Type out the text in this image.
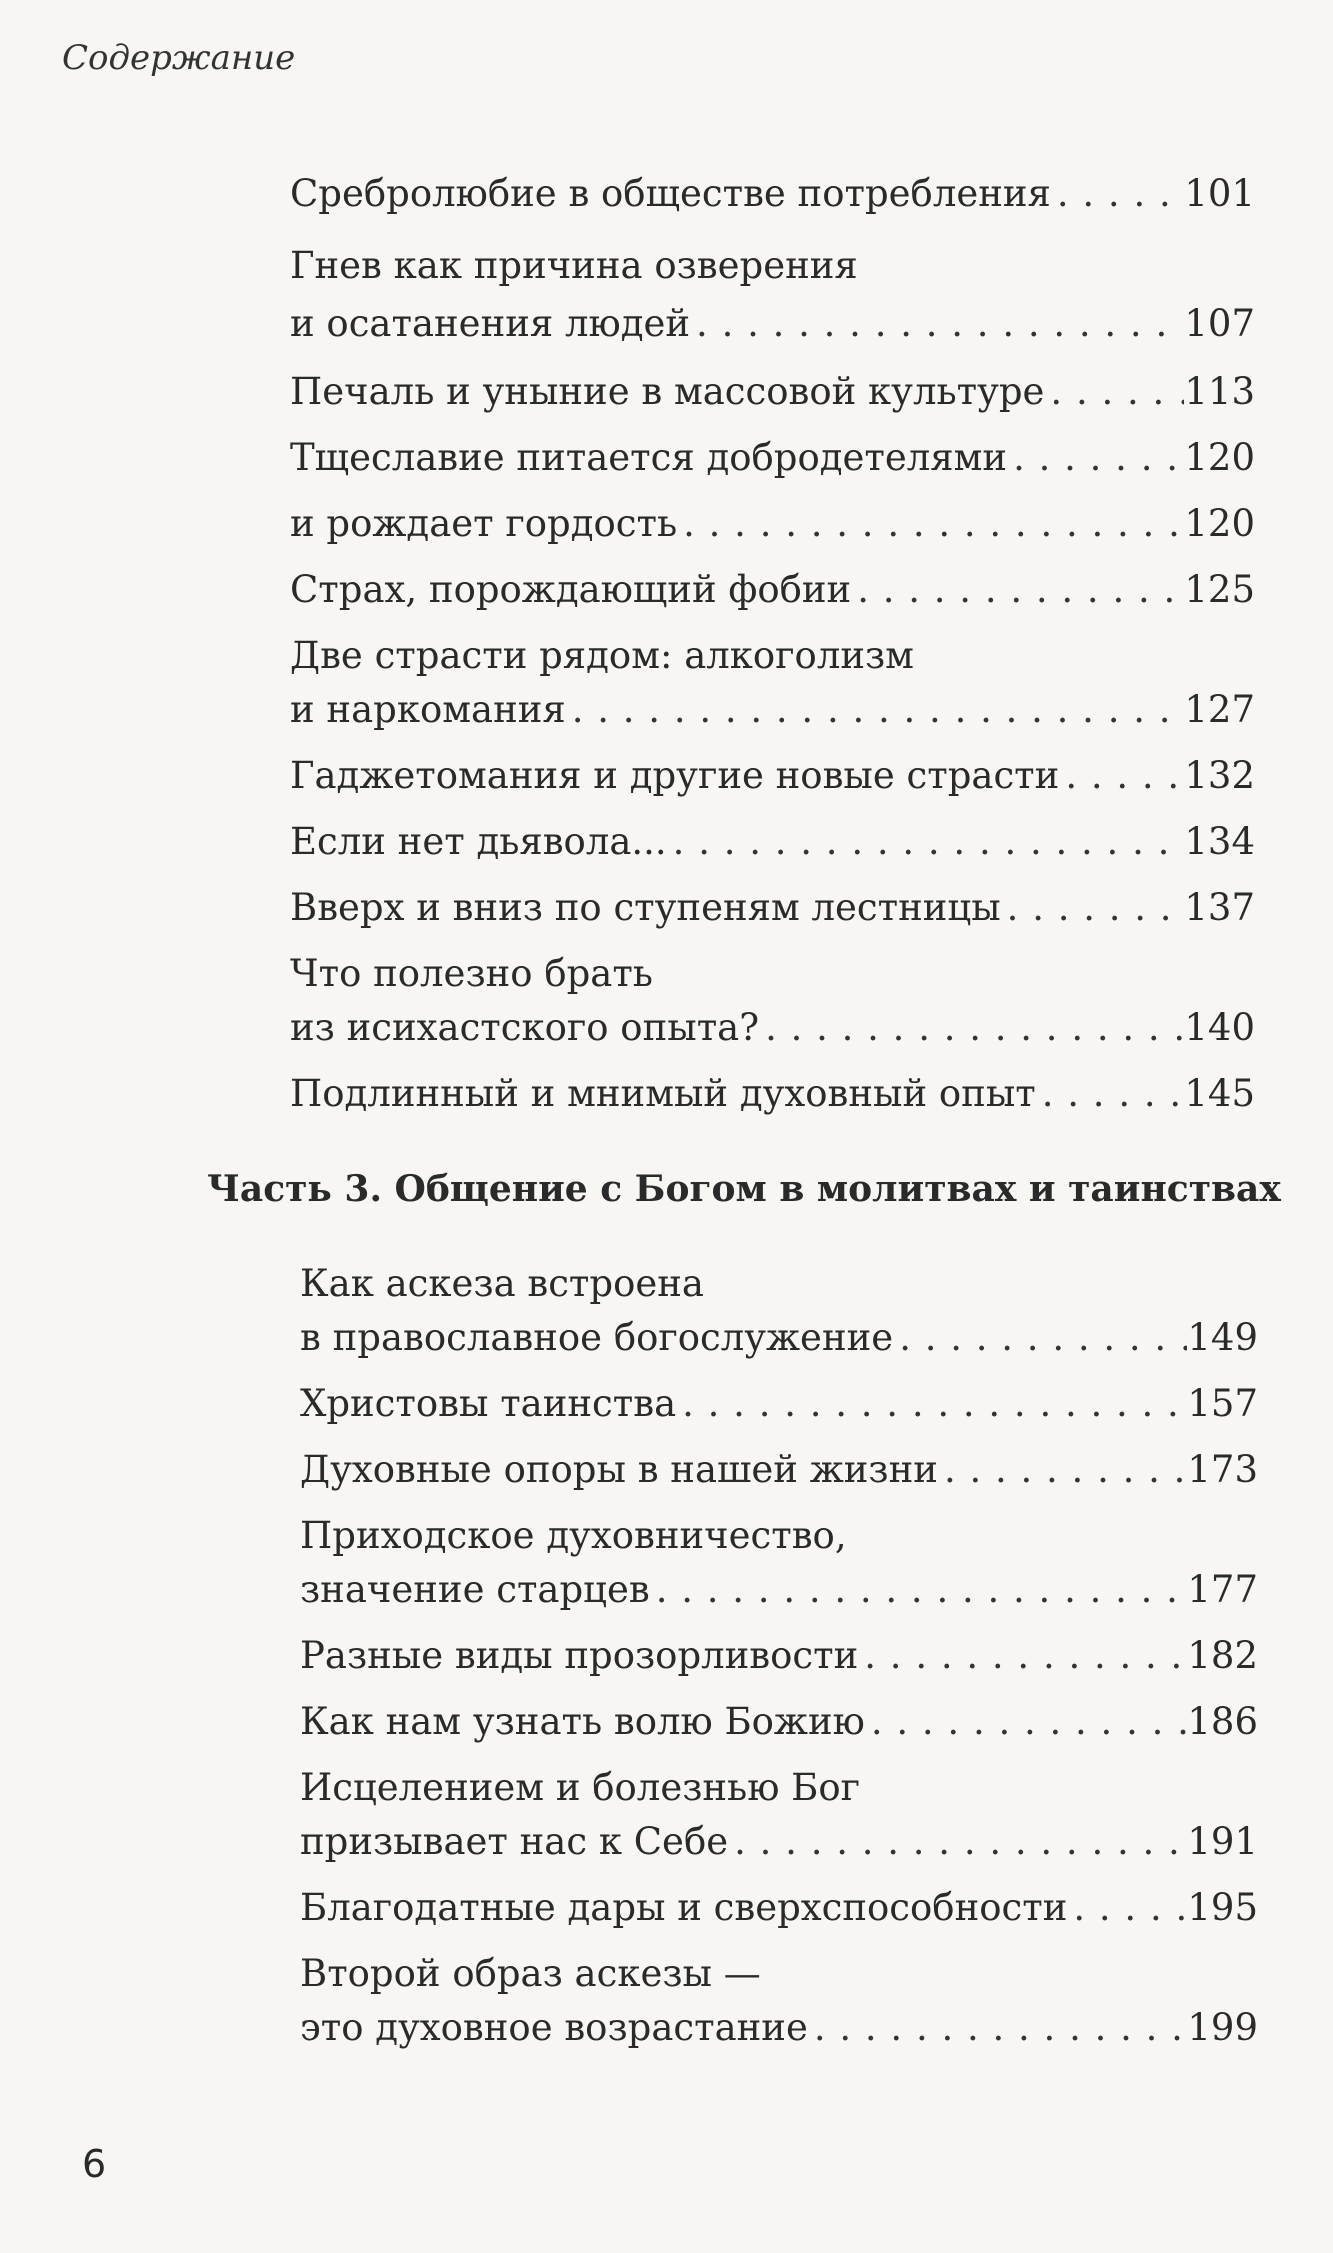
Содержание
Сребролюбие в обществе потребления . . .	101
Гнев как причина озверения
и осатанения людей . . .	107
Печаль и уныние в массовой культуре . . .	113
Тщеславие питается добродетелями . . .	120
и рождает гордость . . .	120
Страх, порождающий фобии . . .	125
Две страсти рядом: алкоголизм
и наркомания . . .	127
Гаджетомания и другие новые страсти . . .	132
Если нет дьявола... . . .	134
Вверх и вниз по ступеням лестницы . . .	137
Что полезно брать
из исихастского опыта? . . .	140
Подлинный и мнимый духовный опыт . . .	145
Часть 3. Общение с Богом в молитвах и таинствах
Как аскеза встроена
в православное богослужение . . .	149
Христовы таинства . . .	157
Духовные опоры в нашей жизни . . .	173
Приходское духовничество,
значение старцев . . .	177
Разные виды прозорливости . . .	182
Как нам узнать волю Божию . . .	186
Исцелением и болезнью Бог
призывает нас к Себе . . .	191
Благодатные дары и сверхспособности . . .	195
Второй образ аскезы —
это духовное возрастание . . .	199
6
